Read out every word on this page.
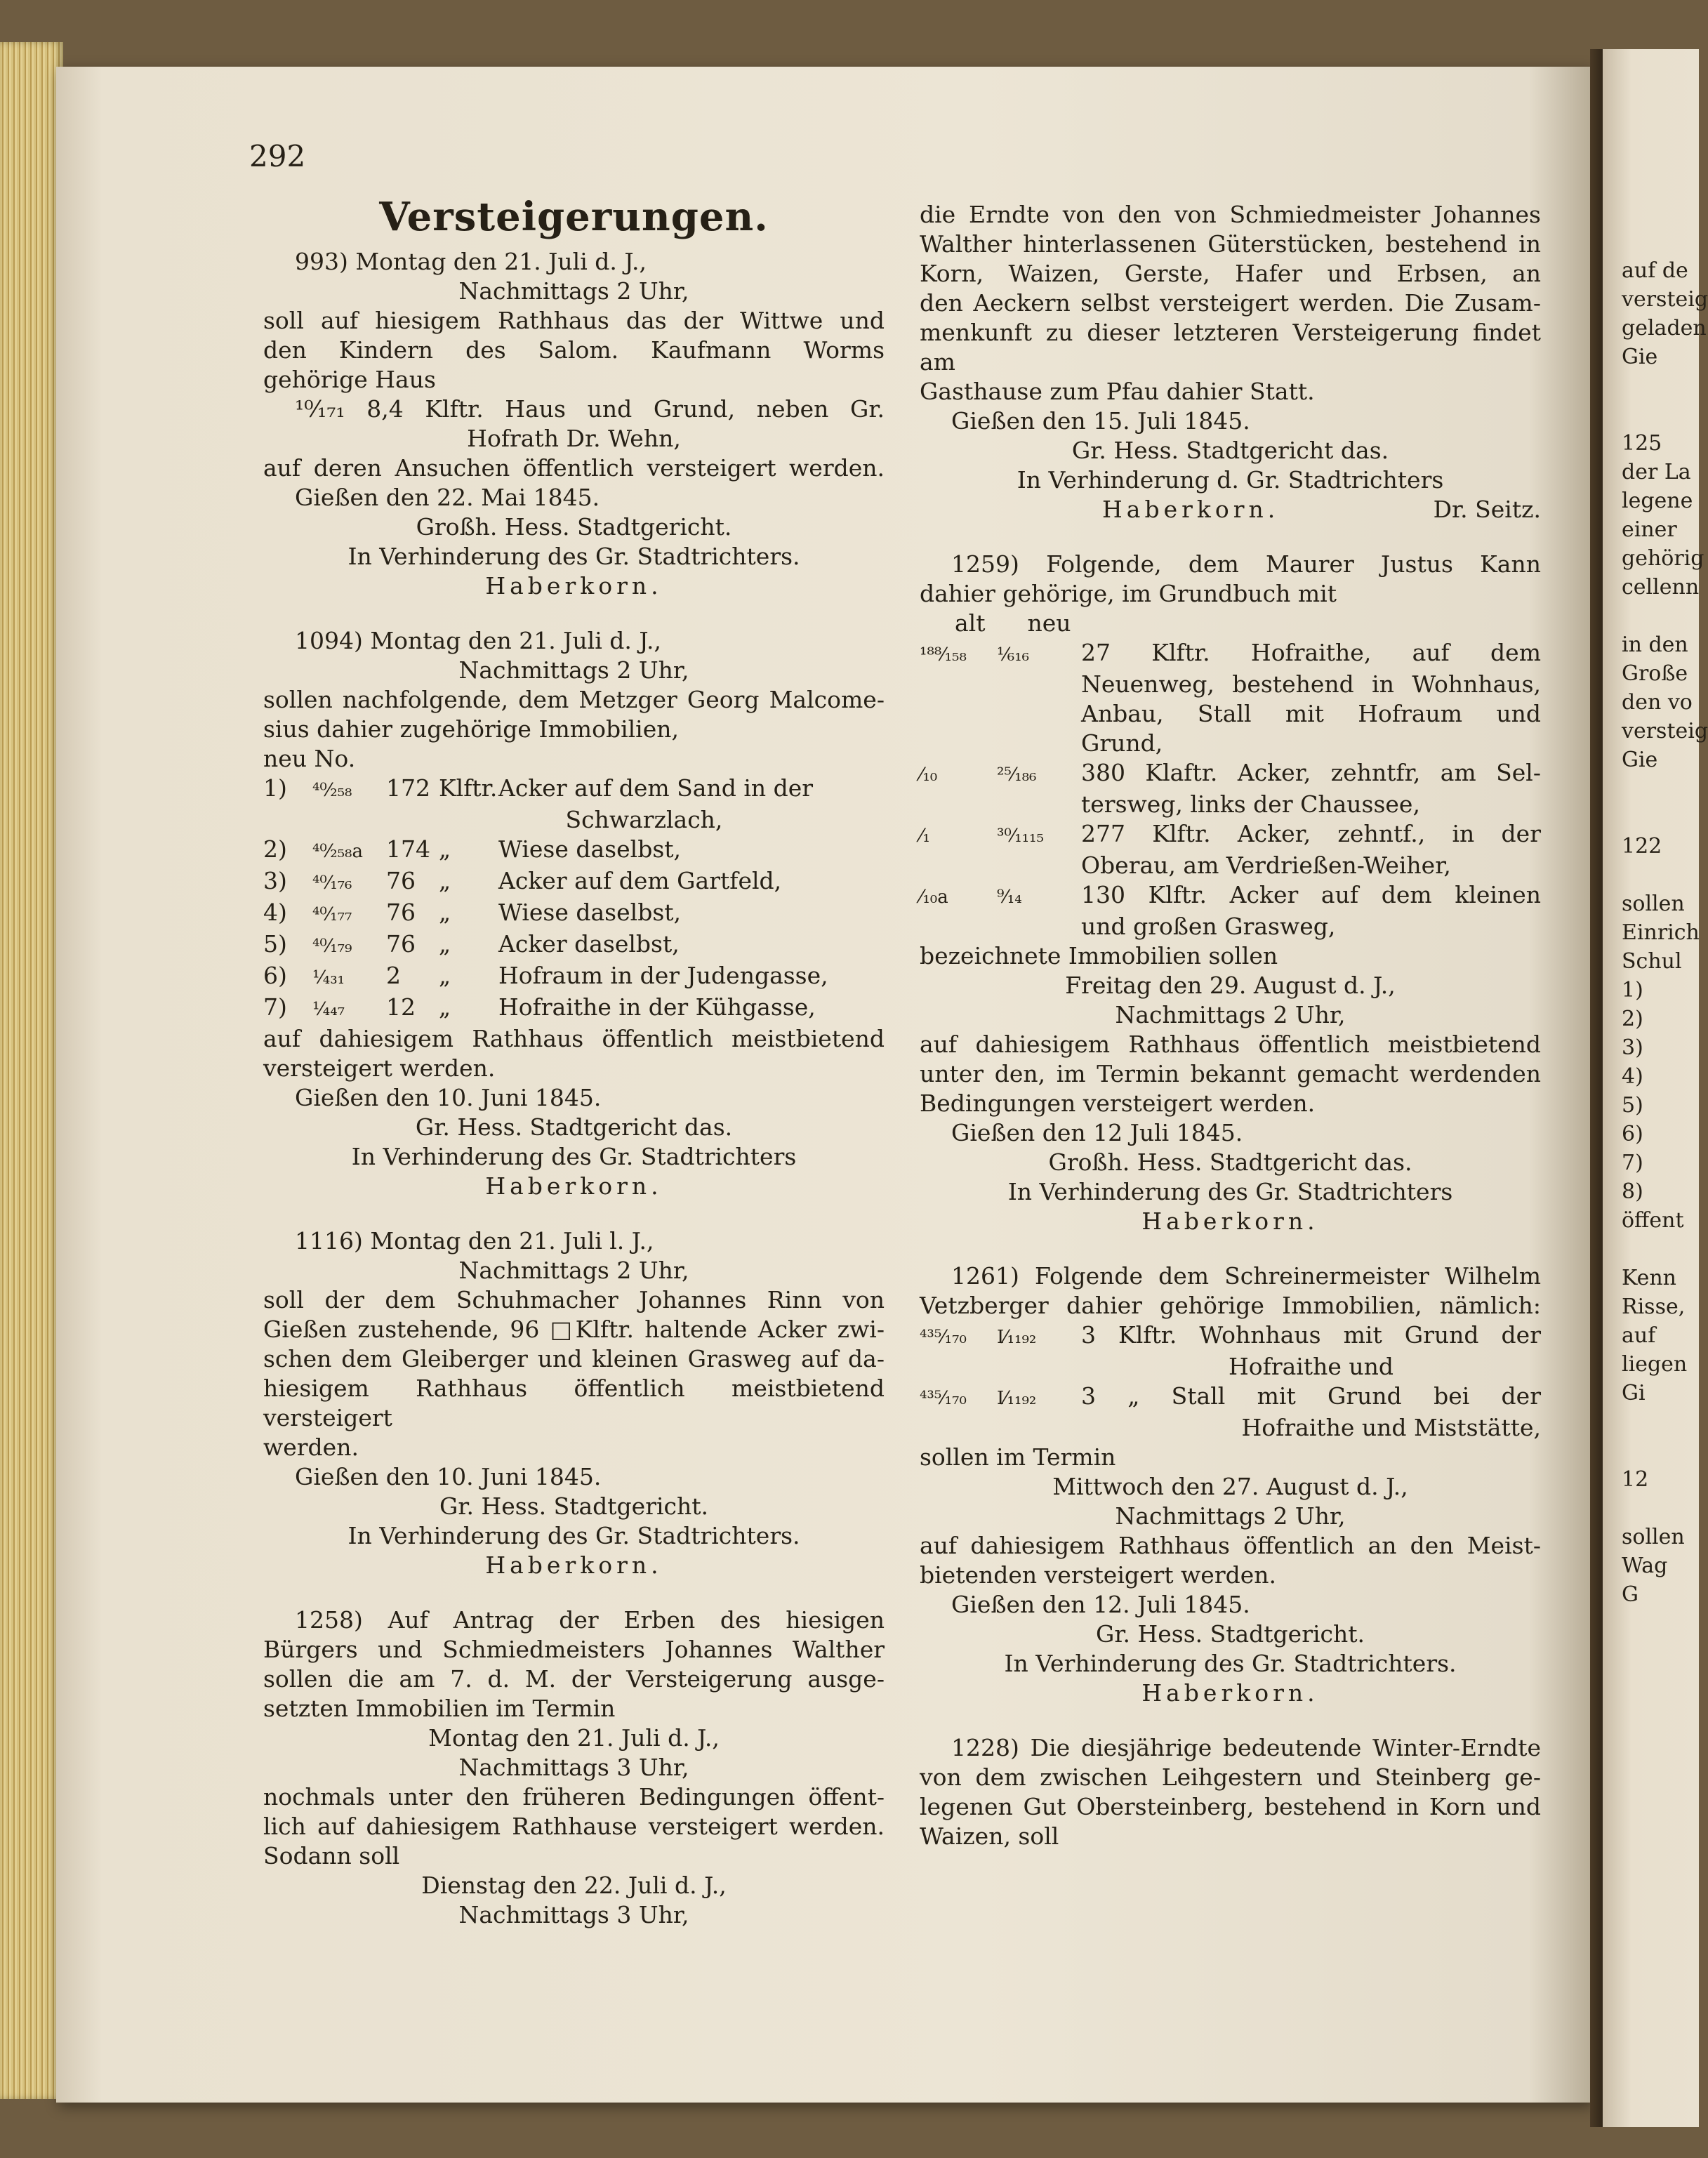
292
Versteigerungen.

993) Montag den 21. Juli d. J.,

Nachmittags 2 Uhr,

soll auf hiesigem Rathhaus das der Wittwe und

den Kindern des Salom. Kaufmann Worms

gehörige Haus

¹⁰⁄₁₇₁ 8,4 Klftr. Haus und Grund, neben Gr.

Hofrath Dr. Wehn,

auf deren Ansuchen öffentlich versteigert werden.

Gießen den 22. Mai 1845.

Großh. Hess. Stadtgericht.

In Verhinderung des Gr. Stadtrichters.

Haberkorn.

1094) Montag den 21. Juli d. J.,

Nachmittags 2 Uhr,

sollen nachfolgende, dem Metzger Georg Malcome-

sius dahier zugehörige Immobilien,

neu No.

1)	⁴⁰⁄₂₅₈	172 Klftr. Acker auf dem Sand in der

Schwarzlach,

2)	⁴⁰⁄₂₅₈a	174 „	Wiese daselbst,
3)	⁴⁰⁄₁₇₆	76	„	Acker auf dem Gartfeld,
4)	⁴⁰⁄₁₇₇	76	„	Wiese daselbst,
5)	⁴⁰⁄₁₇₉	76	„	Acker daselbst,
6)	¹⁄₄₃₁	2	„	Hofraum in der Judengasse,
7)	¹⁄₄₄₇	12	„	Hofraithe in der Kühgasse,

auf dahiesigem Rathhaus öffentlich meistbietend

versteigert werden.

Gießen den 10. Juni 1845.

Gr. Hess. Stadtgericht das.

In Verhinderung des Gr. Stadtrichters

Haberkorn.

1116) Montag den 21. Juli l. J.,

Nachmittags 2 Uhr,

soll der dem Schuhmacher Johannes Rinn von

Gießen zustehende, 96 □Klftr. haltende Acker zwi-

schen dem Gleiberger und kleinen Grasweg auf da-

hiesigem Rathhaus öffentlich meistbietend versteigert

werden.

Gießen den 10. Juni 1845.

Gr. Hess. Stadtgericht.

In Verhinderung des Gr. Stadtrichters.

Haberkorn.

1258) Auf Antrag der Erben des hiesigen

Bürgers und Schmiedmeisters Johannes Walther

sollen die am 7. d. M. der Versteigerung ausge-

setzten Immobilien im Termin

Montag den 21. Juli d. J.,

Nachmittags 3 Uhr,

nochmals unter den früheren Bedingungen öffent-

lich auf dahiesigem Rathhause versteigert werden.

Sodann soll

Dienstag den 22. Juli d. J.,

Nachmittags 3 Uhr,

die Erndte von den von Schmiedmeister Johannes

Walther hinterlassenen Güterstücken, bestehend in

Korn, Waizen, Gerste, Hafer und Erbsen, an

den Aeckern selbst versteigert werden. Die Zusam-

menkunft zu dieser letzteren Versteigerung findet am

Gasthause zum Pfau dahier Statt.

Gießen den 15. Juli 1845.

Gr. Hess. Stadtgericht das.

In Verhinderung d. Gr. Stadtrichters

Haberkorn.	Dr. Seitz.

1259) Folgende, dem Maurer Justus Kann

dahier gehörige, im Grundbuch mit

alt neu
¹⁸⁸⁄₁₅₈	¹⁄₆₁₆	27 Klftr. Hofraithe, auf dem

Neuenweg, bestehend in Wohnhaus,

Anbau, Stall mit Hofraum und

Grund,

⁄₁₀	²⁵⁄₁₈₆	380 Klaftr. Acker, zehntfr, am Sel-

tersweg, links der Chaussee,

⁄₁	³⁰⁄₁₁₁₅	277 Klftr. Acker, zehntf., in der

Oberau, am Verdrießen-Weiher,

⁄₁₀a	⁹⁄₁₄	130 Klftr. Acker auf dem kleinen

und großen Grasweg,

bezeichnete Immobilien sollen

Freitag den 29. August d. J.,

Nachmittags 2 Uhr,

auf dahiesigem Rathhaus öffentlich meistbietend

unter den, im Termin bekannt gemacht werdenden

Bedingungen versteigert werden.

Gießen den 12 Juli 1845.

Großh. Hess. Stadtgericht das.

In Verhinderung des Gr. Stadtrichters

Haberkorn.

1261) Folgende dem Schreinermeister Wilhelm

Vetzberger dahier gehörige Immobilien, nämlich:

⁴³⁵⁄₁₇₀	I⁄₁₁₉₂	3 Klftr. Wohnhaus mit Grund der

Hofraithe und

⁴³⁵⁄₁₇₀	I⁄₁₁₉₂	3 „ Stall mit Grund bei der

Hofraithe und Miststätte,

sollen im Termin

Mittwoch den 27. August d. J.,

Nachmittags 2 Uhr,

auf dahiesigem Rathhaus öffentlich an den Meist-

bietenden versteigert werden.

Gießen den 12. Juli 1845.

Gr. Hess. Stadtgericht.

In Verhinderung des Gr. Stadtrichters.

Haberkorn.

1228) Die diesjährige bedeutende Winter-Erndte

von dem zwischen Leihgestern und Steinberg ge-

legenen Gut Obersteinberg, bestehend in Korn und

Waizen, soll

auf de
versteig
geladen
Gie

125
der La
legene
einer
gehörig
cellenn

in den
Große
den vo
versteig
Gie

122

sollen
Einrich
Schul
1)
2)
3)
4)
5)
6)
7)
8)
öffent

Kenn
Risse,
auf
liegen
Gi

12

sollen
Wag
G
